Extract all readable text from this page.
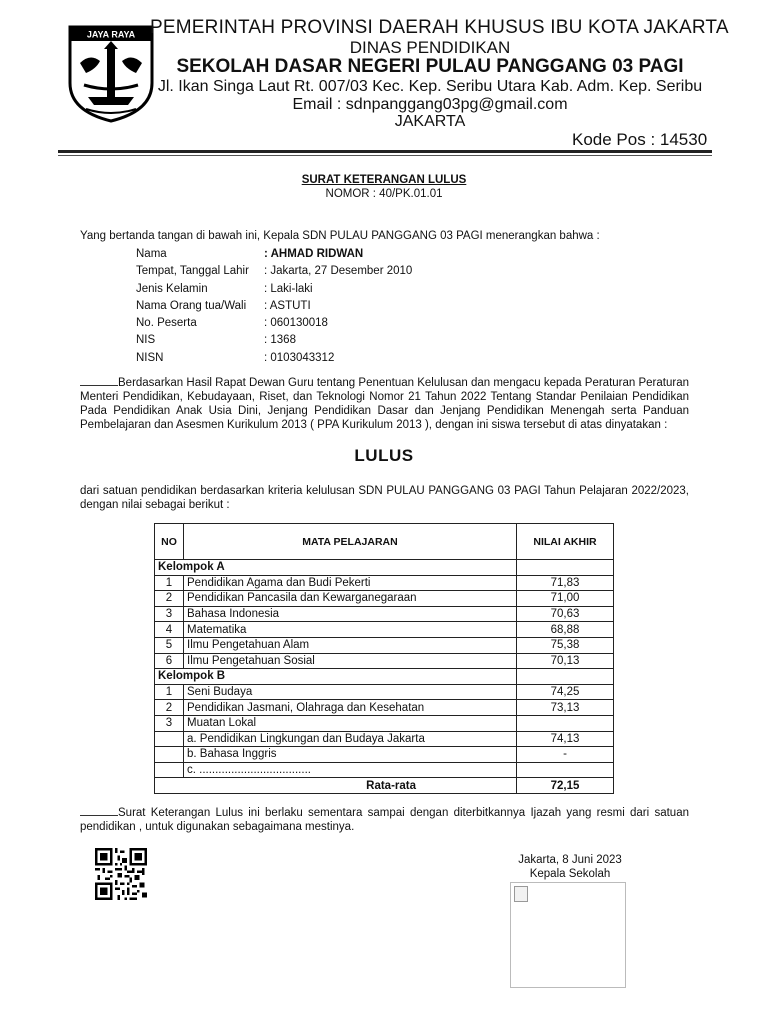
JAYA RAYA PEMERINTAH PROVINSI DAERAH KHUSUS IBU KOTA JAKARTA
DINAS PENDIDIKAN
SEKOLAH DASAR NEGERI PULAU PANGGANG 03 PAGI
Jl. Ikan Singa Laut Rt. 007/03 Kec. Kep. Seribu Utara Kab. Adm. Kep. Seribu
Email : sdnpanggang03pg@gmail.com
JAKARTA
Kode Pos : 14530
SURAT KETERANGAN LULUS
NOMOR : 40/PK.01.01
Yang bertanda tangan di bawah ini, Kepala SDN PULAU PANGGANG 03 PAGI menerangkan bahwa :
Nama	: AHMAD RIDWAN
Tempat, Tanggal Lahir	: Jakarta, 27 Desember 2010
Jenis Kelamin	: Laki-laki
Nama Orang tua/Wali	: ASTUTI
No. Peserta	: 060130018
NIS	: 1368
NISN	: 0103043312
Berdasarkan Hasil Rapat Dewan Guru tentang Penentuan Kelulusan dan mengacu kepada Peraturan Peraturan Menteri Pendidikan, Kebudayaan, Riset, dan Teknologi Nomor 21 Tahun 2022 Tentang Standar Penilaian Pendidikan Pada Pendidikan Anak Usia Dini, Jenjang Pendidikan Dasar dan Jenjang Pendidikan Menengah serta Panduan Pembelajaran dan Asesmen Kurikulum 2013 ( PPA Kurikulum 2013 ), dengan ini siswa tersebut di atas dinyatakan :
LULUS
dari satuan pendidikan berdasarkan kriteria kelulusan SDN PULAU PANGGANG 03 PAGI Tahun Pelajaran 2022/2023, dengan nilai sebagai berikut :
NO	MATA PELAJARAN	NILAI AKHIR
Kelompok A		
1	Pendidikan Agama dan Budi Pekerti	71,83
2	Pendidikan Pancasila dan Kewarganegaraan	71,00
3	Bahasa Indonesia	70,63
4	Matematika	68,88
5	Ilmu Pengetahuan Alam	75,38
6	Ilmu Pengetahuan Sosial	70,13
Kelompok B		
1	Seni Budaya	74,25
2	Pendidikan Jasmani, Olahraga dan Kesehatan	73,13
3	Muatan Lokal	
	a. Pendidikan Lingkungan dan Budaya Jakarta	74,13
	b. Bahasa Inggris	-
	c. ...................................	
Rata-rata		72,15
Surat Keterangan Lulus ini berlaku sementara sampai dengan diterbitkannya Ijazah yang resmi dari satuan pendidikan , untuk digunakan sebagaimana mestinya.
Jakarta, 8 Juni 2023
Kepala Sekolah
